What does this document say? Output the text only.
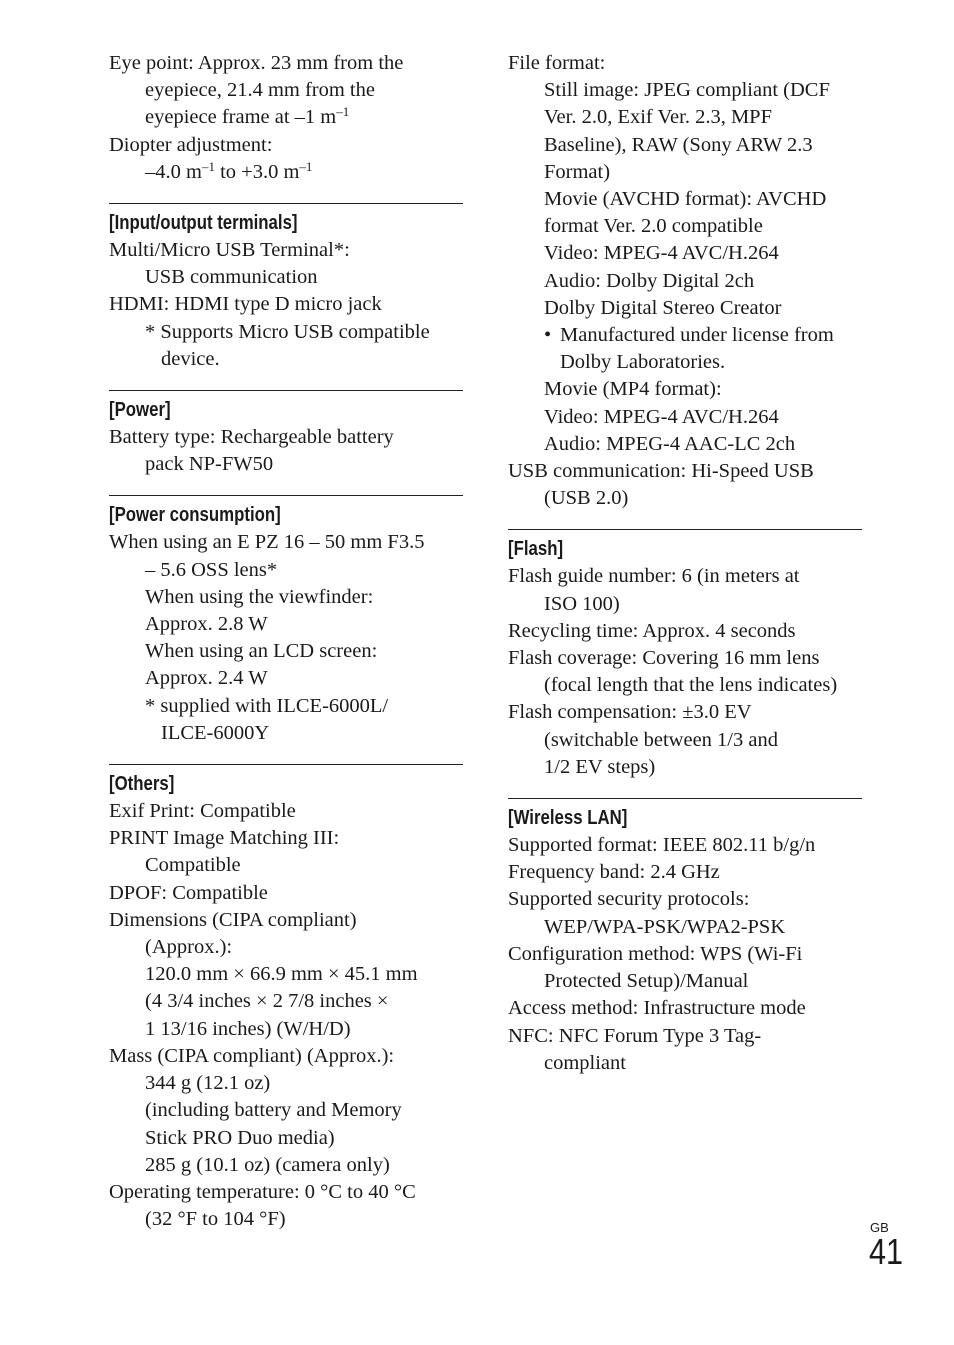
Eye point: Approx. 23 mm from the
eyepiece, 21.4 mm from the
eyepiece frame at –1 $m^{-1}$
Diopter adjustment:
–4.0 $m^{-1}$ to +3.0 $m^{-1}$
[Input/output terminals]
Multi/Micro USB Terminal*:
USB communication
HDMI: HDMI type D micro jack
* Supports Micro USB compatible
device.
[Power]
Battery type: Rechargeable battery
pack NP-FW50
[Power consumption]
When using an E PZ 16 – 50 mm F3.5
– 5.6 OSS lens*
When using the viewfinder:
Approx. 2.8 W
When using an LCD screen:
Approx. 2.4 W
* supplied with ILCE-6000L/
ILCE-6000Y
[Others]
Exif Print: Compatible
PRINT Image Matching III:
Compatible
DPOF: Compatible
Dimensions (CIPA compliant)
(Approx.):
120.0 mm × 66.9 mm × 45.1 mm
(4 3/4 inches × 2 7/8 inches ×
1 13/16 inches) (W/H/D)
Mass (CIPA compliant) (Approx.):
344 g (12.1 oz)
(including battery and Memory
Stick PRO Duo media)
285 g (10.1 oz) (camera only)
Operating temperature: 0 °C to 40 °C
(32 °F to 104 °F)
File format:
Still image: JPEG compliant (DCF
Ver. 2.0, Exif Ver. 2.3, MPF
Baseline), RAW (Sony ARW 2.3
Format)
Movie (AVCHD format): AVCHD
format Ver. 2.0 compatible
Video: MPEG-4 AVC/H.264
Audio: Dolby Digital 2ch
Dolby Digital Stereo Creator
• Manufactured under license from
Dolby Laboratories.
Movie (MP4 format):
Video: MPEG-4 AVC/H.264
Audio: MPEG-4 AAC-LC 2ch
USB communication: Hi-Speed USB
(USB 2.0)
[Flash]
Flash guide number: 6 (in meters at
ISO 100)
Recycling time: Approx. 4 seconds
Flash coverage: Covering 16 mm lens
(focal length that the lens indicates)
Flash compensation: ±3.0 EV
(switchable between 1/3 and
1/2 EV steps)
[Wireless LAN]
Supported format: IEEE 802.11 b/g/n
Frequency band: 2.4 GHz
Supported security protocols:
WEP/WPA-PSK/WPA2-PSK
Configuration method: WPS (Wi-Fi
Protected Setup)/Manual
Access method: Infrastructure mode
NFC: NFC Forum Type 3 Tag-
compliant
GB
41
